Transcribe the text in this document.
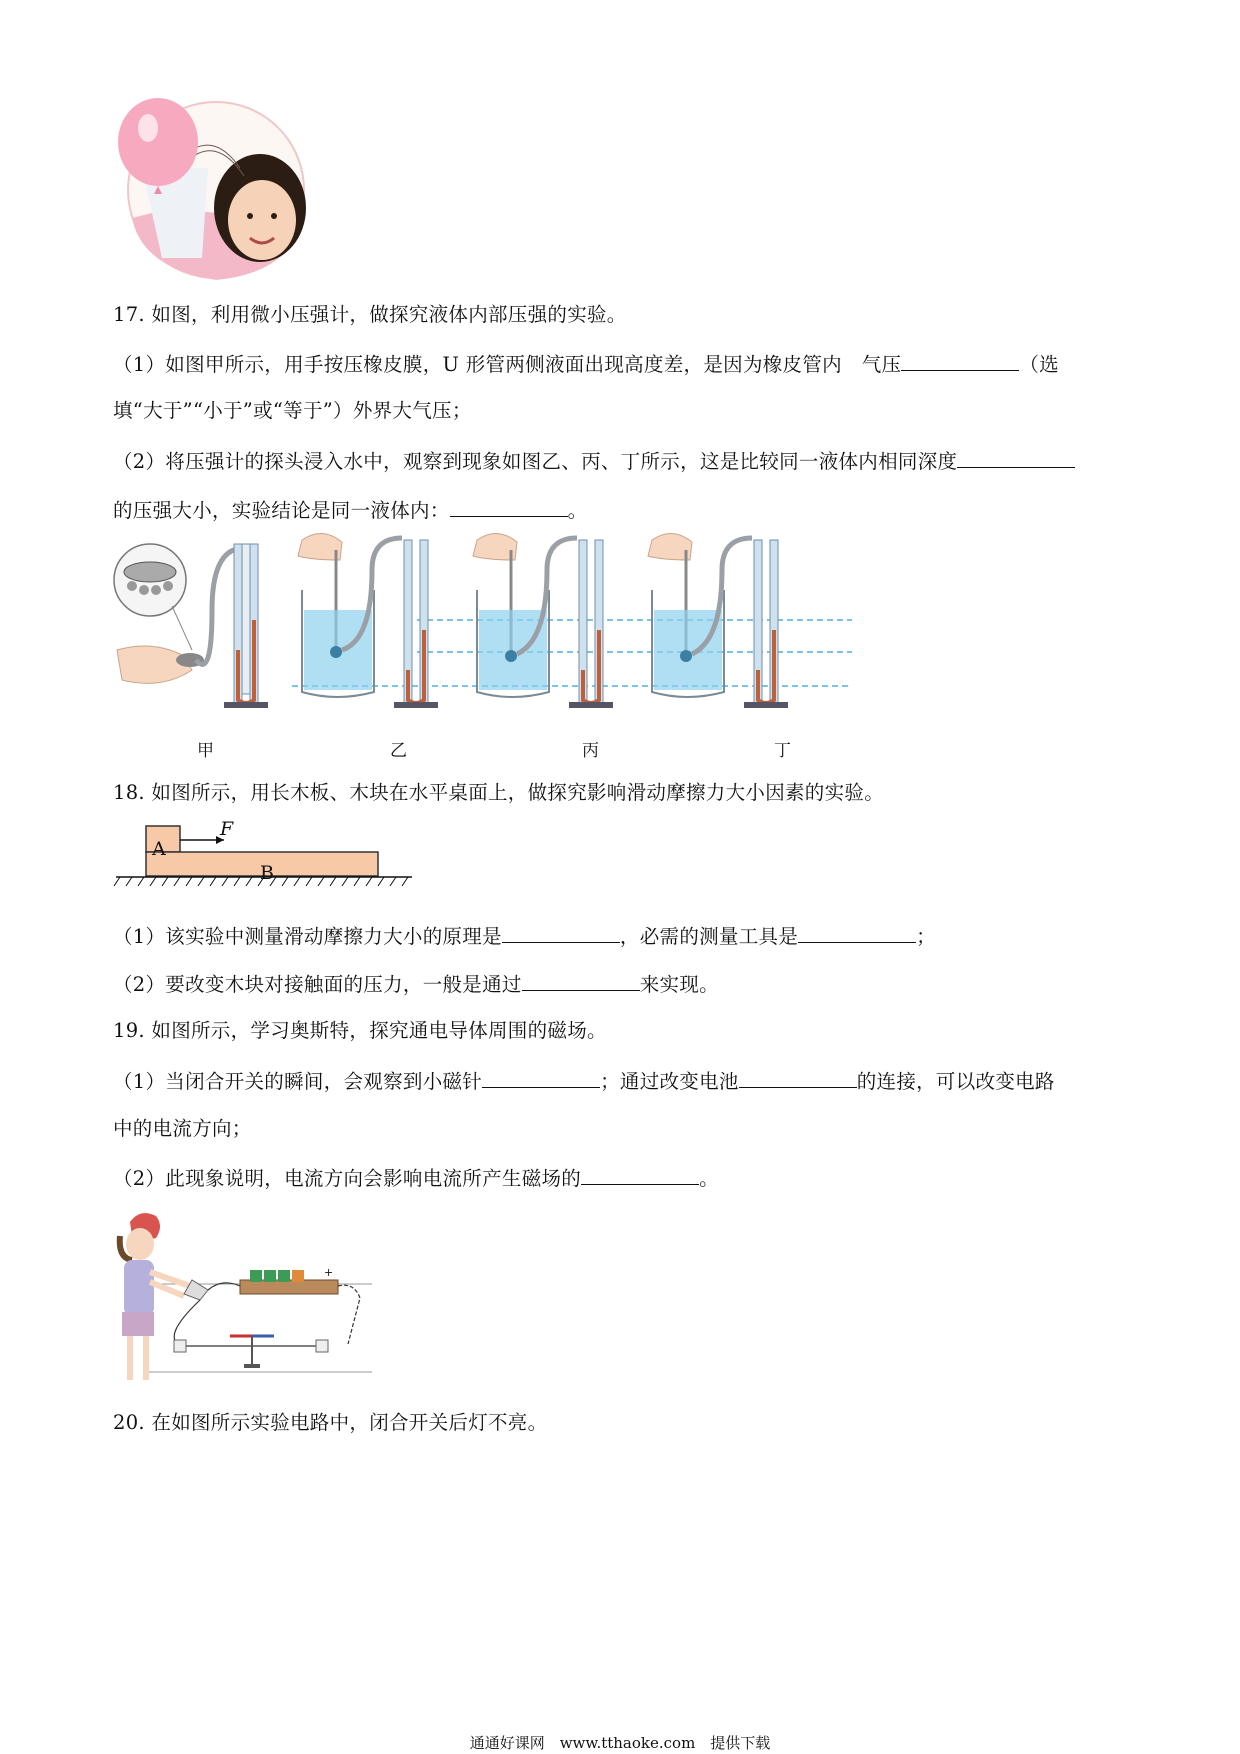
17. 如图，利用微小压强计，做探究液体内部压强的实验。
（1）如图甲所示，用手按压橡皮膜，U 形管两侧液面出现高度差，是因为橡皮管内　气压	（选
填“大于”“小于”或“等于”）外界大气压；
（2）将压强计的探头浸入水中，观察到现象如图乙、丙、丁所示，这是比较同一液体内相同深度
的压强大小，实验结论是同一液体内：	。
甲	乙	丙	丁
18. 如图所示，用长木板、木块在水平桌面上，做探究影响滑动摩擦力大小因素的实验。
A
B
F
（1）该实验中测量滑动摩擦力大小的原理是	，必需的测量工具是	；
（2）要改变木块对接触面的压力，一般是通过	来实现。
19. 如图所示，学习奥斯特，探究通电导体周围的磁场。
（1）当闭合开关的瞬间，会观察到小磁针	；通过改变电池	的连接，可以改变电路
中的电流方向；
（2）此现象说明，电流方向会影响电流所产生磁场的	。
+
20. 在如图所示实验电路中，闭合开关后灯不亮。
通通好课网　www.tthaoke.com　提供下载
